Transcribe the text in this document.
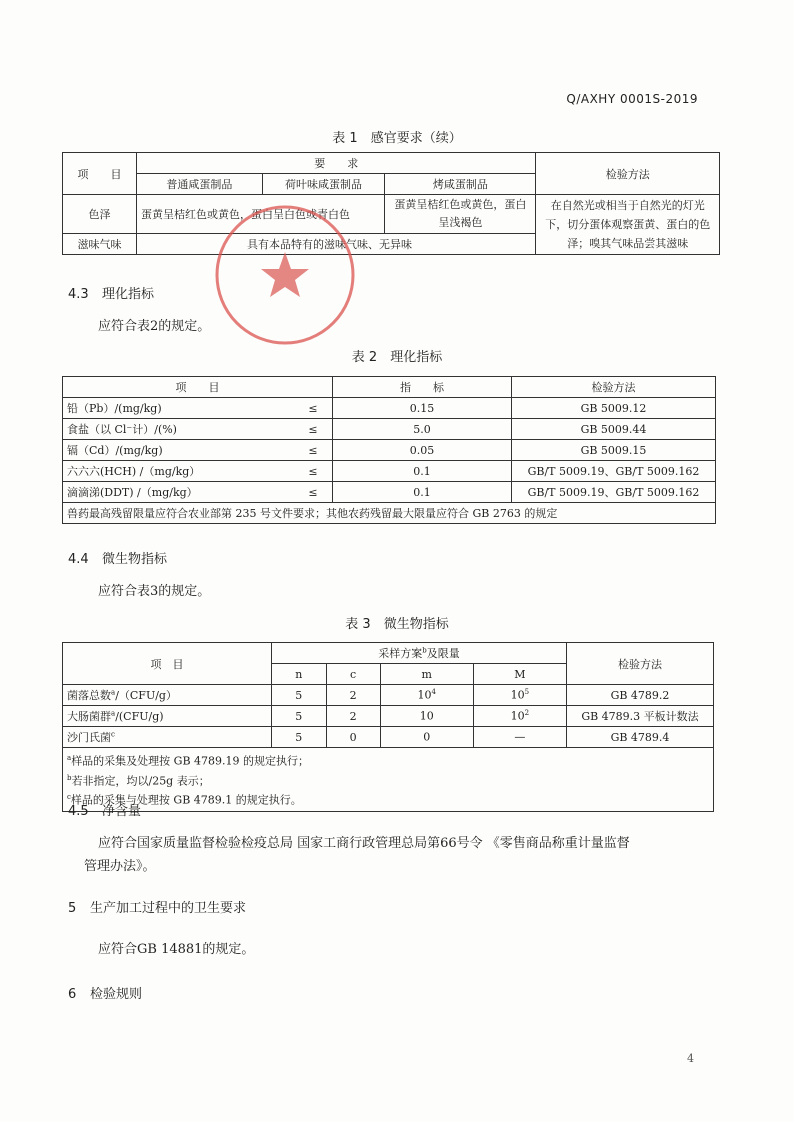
Q/AXHY 0001S-2019
表 1　感官要求（续）
项　　目	要　　求			检验方法
	普通咸蛋制品	荷叶味咸蛋制品	烤咸蛋制品	
色泽	蛋黄呈桔红色或黄色，蛋白呈白色或青白色		蛋黄呈桔红色或黄色，蛋白呈浅褐色	在自然光或相当于自然光的灯光下，切分蛋体观察蛋黄、蛋白的色泽；嗅其气味品尝其滋味
滋味气味	具有本品特有的滋味气味、无异味			
4.3 理化指标
应符合表2的规定。
表 2　理化指标
项　　目		指　　标	检验方法
铅（Pb）/(mg/kg)	≤	0.15	GB 5009.12
食盐（以 Cl⁻计）/(%)	≤	5.0	GB 5009.44
镉（Cd）/(mg/kg)	≤	0.05	GB 5009.15
六六六(HCH) /（mg/kg）	≤	0.1	GB/T 5009.19、GB/T 5009.162
滴滴涕(DDT) /（mg/kg）	≤	0.1	GB/T 5009.19、GB/T 5009.162
兽药最高残留限量应符合农业部第 235 号文件要求；其他农药残留最大限量应符合 GB 2763 的规定			
4.4 微生物指标
应符合表3的规定。
表 3　微生物指标
项　目	采样方案$^b$及限量				检验方法
	n	c	m	M	
菌落总数$^a$/（CFU/g）	5	2	$10^4$	$10^5$	GB 4789.2
大肠菌群$^a$/(CFU/g)	5	2	10	$10^2$	GB 4789.3 平板计数法
沙门氏菌$^c$	5	0	0	—	GB 4789.4

$^a$样品的采集及处理按 GB 4789.19 的规定执行；
$^b$若非指定，均以/25g 表示；
$^c$样品的采集与处理按 GB 4789.1 的规定执行。					
4.5 净含量
应符合国家质量监督检验检疫总局 国家工商行政管理总局第66号令 《零售商品称重计量监督
管理办法》。
5 生产加工过程中的卫生要求
应符合GB 14881的规定。
6 检验规则
4
